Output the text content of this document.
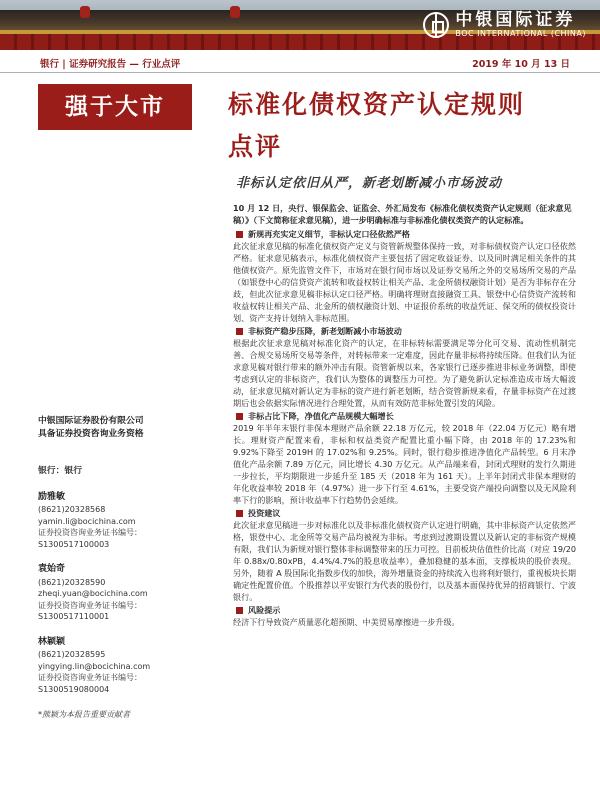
中银国际证券
BOC INTERNATIONAL (CHINA)
银行 | 证券研究报告 — 行业点评	2019 年 10 月 13 日
强于大市	标准化债权资产认定规则
点评
非标认定依旧从严，新老划断减小市场波动
中银国际证券股份有限公司
具备证券投资咨询业务资格
银行：银行
励雅敏
(8621)20328568
yamin.li@bocichina.com
证券投资咨询业务证书编号：S1300517100003
袁始奇
(8621)20328590
zheqi.yuan@bocichina.com
证券投资咨询业务证书编号：S1300517110001
林颖颖
(8621)20328595
yingying.lin@bocichina.com
证券投资咨询业务证书编号：S1300519080004
*熊颖为本报告重要贡献者
10 月 12 日，央行、银保监会、证监会、外汇局发布《标准化债权类资产认定规则（征求意见稿）》（下文简称征求意见稿），进一步明确标准与非标准化债权类资产的认定标准。
新规再充实定义细节，非标认定口径依然严格
此次征求意见稿的标准化债权资产定义与资管新规整体保持一致，对非标债权资产认定口径依然严格。征求意见稿表示，标准化债权资产主要包括了固定收益证券、以及同时满足相关条件的其他债权资产。原先监管文件下，市场对在银行间市场以及证券交易所之外的交易场所交易的产品（如银登中心的信贷资产流转和收益权转让相关产品、北金所债权融资计划）是否为非标存在分歧，但此次征求意见稿非标认定口径严格。明确将理财直接融资工具、银登中心信贷资产流转和收益权转让相关产品、北金所的债权融资计划、中证报价系统的收益凭证、保交所的债权投资计划、资产支持计划纳入非标范围。
非标资产稳步压降，新老划断减小市场波动
根据此次征求意见稿对标准化资产的认定，在非标转标需要满足等分化可交易、流动性机制完善、合规交易场所交易等条件，对转标带来一定难度，因此存量非标将持续压降。但我们认为征求意见稿对银行带来的额外冲击有限。资管新规以来，各家银行已逐步推进非标业务调整，即使考虑到认定的非标资产，我们认为整体的调整压力可控。为了避免新认定标准造成市场大幅波动，征求意见稿对新认定为非标的资产进行新老划断，结合资管新规来看，存量非标资产在过渡期后也会依据实际情况进行合理处置，从而有效防范非标处置引发的风险。
非标占比下降，净值化产品规模大幅增长
2019 年半年末银行非保本理财产品余额 22.18 万亿元，较 2018 年（22.04 万亿元）略有增长。理财资产配置来看，非标和权益类资产配置比重小幅下降，由 2018 年的 17.23%和 9.92%下降至 2019H 的 17.02%和 9.25%。同时，银行稳步推进净值化产品转型。6 月末净值化产品余额 7.89 万亿元，同比增长 4.30 万亿元。从产品端来看，封闭式理财的发行久期进一步拉长，平均期限进一步延升至 185 天（2018 年为 161 天）。上半年封闭式非保本理财的年化收益率较 2018 年（4.97%）进一步下行至 4.61%，主要受资产端投向调整以及无风险利率下行的影响，预计收益率下行趋势仍会延续。
投资建议
此次征求意见稿进一步对标准化以及非标准化债权资产认定进行明确，其中非标资产认定依然严格，银登中心、北金所等交易产品均被视为非标。考虑到过渡期设置以及新认定的非标资产规模有限，我们认为新规对银行整体非标调整带来的压力可控。目前板块估值性价比高（对应 19/20 年 0.88x/0.80xPB，4.4%/4.7%的股息收益率），叠加稳健的基本面，支撑板块的股价表现。另外，随着 A 股国际化指数步伐的加快，海外增量资金的持续流入也将利好银行，重视板块长期确定性配置价值。个股推荐以平安银行为代表的股份行，以及基本面保持优异的招商银行、宁波银行。
风险提示
经济下行导致资产质量恶化超预期、中美贸易摩擦进一步升级。
